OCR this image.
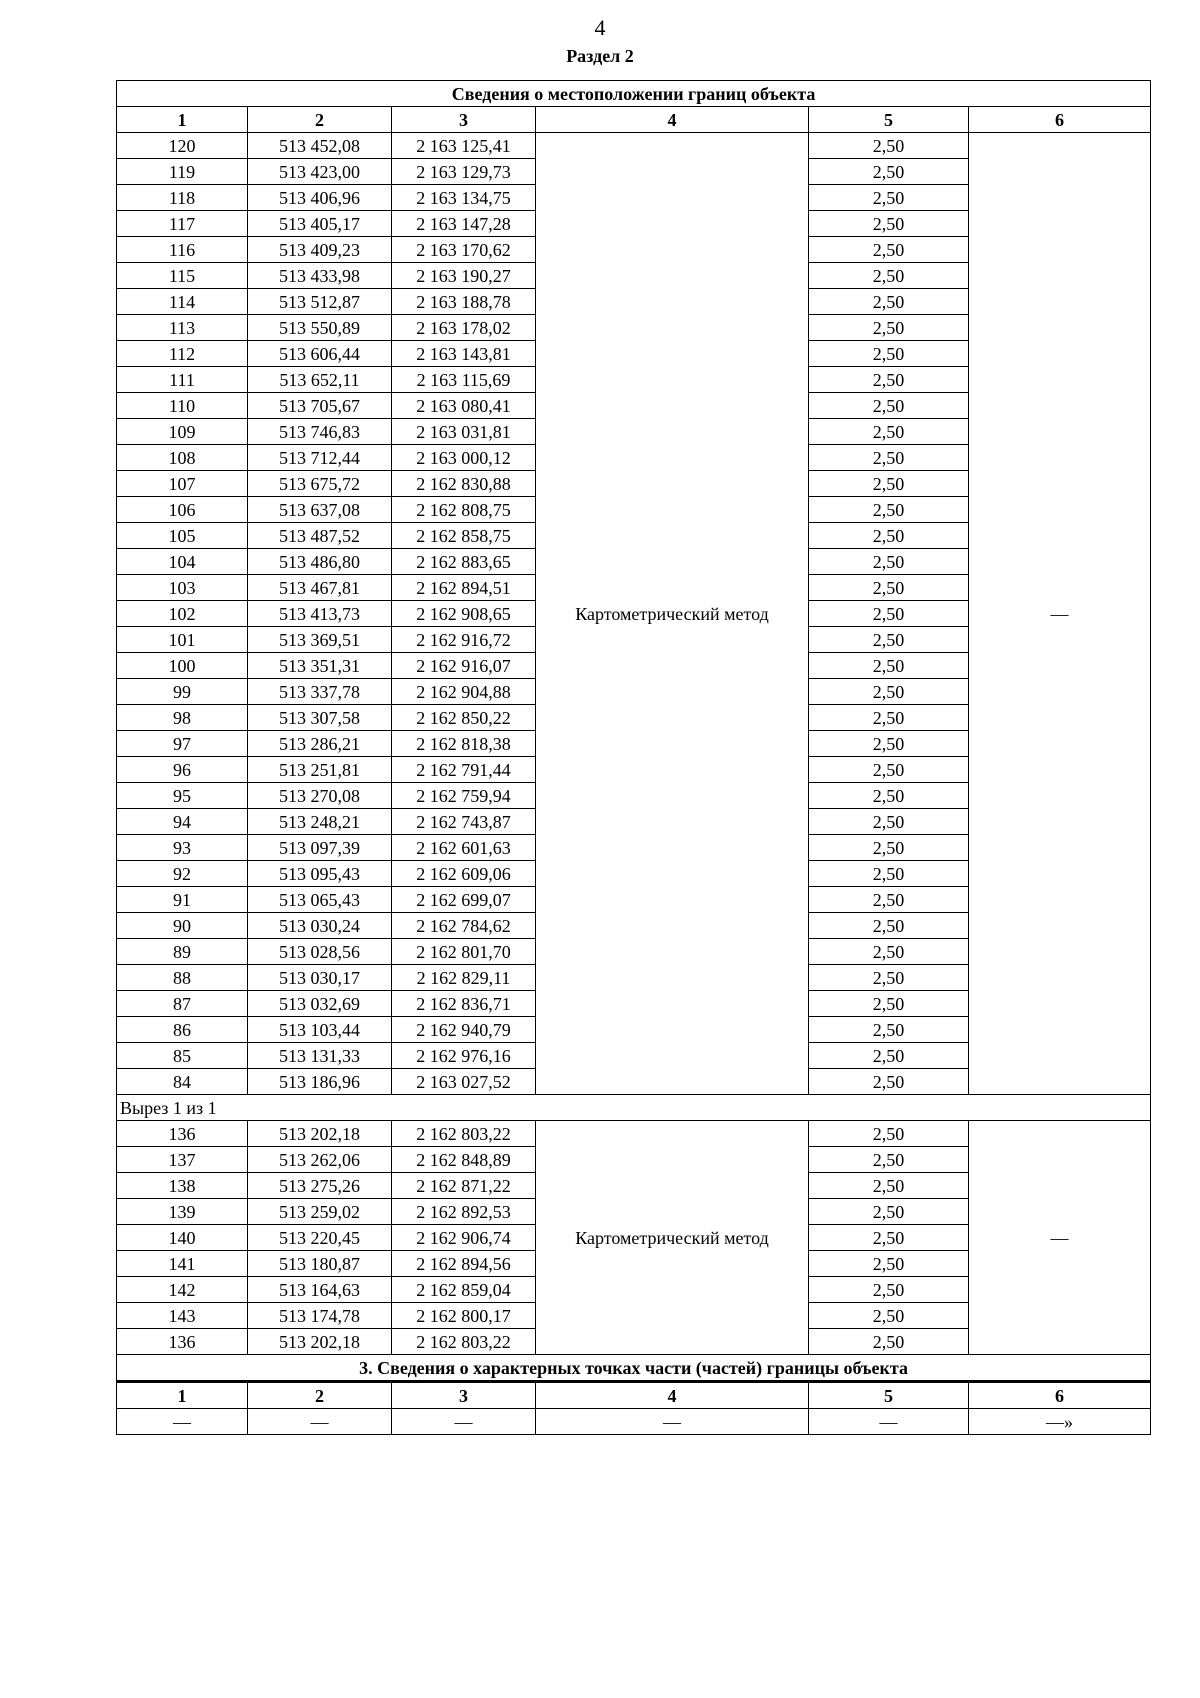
4
Раздел 2
Сведения о местоположении границ объекта					
1	2	3	4	5	6
120	513 452,08	2 163 125,41	Картометрический метод	2,50	—
119	513 423,00	2 163 129,73		2,50	
118	513 406,96	2 163 134,75		2,50	
117	513 405,17	2 163 147,28		2,50	
116	513 409,23	2 163 170,62		2,50	
115	513 433,98	2 163 190,27		2,50	
114	513 512,87	2 163 188,78		2,50	
113	513 550,89	2 163 178,02		2,50	
112	513 606,44	2 163 143,81		2,50	
111	513 652,11	2 163 115,69		2,50	
110	513 705,67	2 163 080,41		2,50	
109	513 746,83	2 163 031,81		2,50	
108	513 712,44	2 163 000,12		2,50	
107	513 675,72	2 162 830,88		2,50	
106	513 637,08	2 162 808,75		2,50	
105	513 487,52	2 162 858,75		2,50	
104	513 486,80	2 162 883,65		2,50	
103	513 467,81	2 162 894,51		2,50	
102	513 413,73	2 162 908,65		2,50	
101	513 369,51	2 162 916,72		2,50	
100	513 351,31	2 162 916,07		2,50	
99	513 337,78	2 162 904,88		2,50	
98	513 307,58	2 162 850,22		2,50	
97	513 286,21	2 162 818,38		2,50	
96	513 251,81	2 162 791,44		2,50	
95	513 270,08	2 162 759,94		2,50	
94	513 248,21	2 162 743,87		2,50	
93	513 097,39	2 162 601,63		2,50	
92	513 095,43	2 162 609,06		2,50	
91	513 065,43	2 162 699,07		2,50	
90	513 030,24	2 162 784,62		2,50	
89	513 028,56	2 162 801,70		2,50	
88	513 030,17	2 162 829,11		2,50	
87	513 032,69	2 162 836,71		2,50	
86	513 103,44	2 162 940,79		2,50	
85	513 131,33	2 162 976,16		2,50	
84	513 186,96	2 163 027,52		2,50	
Вырез 1 из 1					
136	513 202,18	2 162 803,22	Картометрический метод	2,50	—
137	513 262,06	2 162 848,89		2,50	
138	513 275,26	2 162 871,22		2,50	
139	513 259,02	2 162 892,53		2,50	
140	513 220,45	2 162 906,74		2,50	
141	513 180,87	2 162 894,56		2,50	
142	513 164,63	2 162 859,04		2,50	
143	513 174,78	2 162 800,17		2,50	
136	513 202,18	2 162 803,22		2,50	
3. Сведения о характерных точках части (частей) границы объекта					
1	2	3	4	5	6
—	—	—	—	—	—»
